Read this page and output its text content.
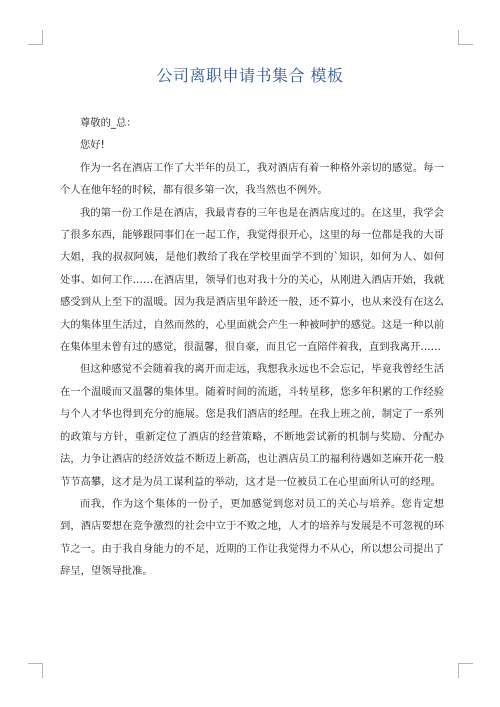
公司离职申请书集合 模板

尊敬的_总：

您好!

作为一名在酒店工作了大半年的员工，我对酒店有着一种格外亲切的感觉。每一个人在他年轻的时候，都有很多第一次，我当然也不例外。

我的第一份工作是在酒店，我最青春的三年也是在酒店度过的。在这里，我学会了很多东西，能够跟同事们在一起工作，我觉得很开心，这里的每一位都是我的大哥大姐，我的叔叔阿姨，是他们教给了我在学校里面学不到的`知识，如何为人、如何处事、如何工作……在酒店里，领导们也对我十分的关心，从刚进入酒店开始，我就感受到从上至下的温暖。因为我是酒店里年龄还一般，还不算小，也从来没有在这么大的集体里生活过，自然而然的，心里面就会产生一种被呵护的感觉。这是一种以前在集体里未曾有过的感觉，很温馨，很自豪，而且它一直陪伴着我，直到我离开……

但这种感觉不会随着我的离开而走远，我想我永远也不会忘记，毕竟我曾经生活在一个温暖而又温馨的集体里。随着时间的流逝，斗转星移，您多年积累的工作经验与个人才华也得到充分的施展。您是我们酒店的经理。在我上班之前，制定了一系列的政策与方针，重新定位了酒店的经营策略，不断地尝试新的机制与奖励、分配办法，力争让酒店的经济效益不断迈上新高，也让酒店员工的福利待遇如芝麻开花一般节节高攀，这才是为员工谋利益的举动，这才是一位被员工在心里面所认可的经理。

而我，作为这个集体的一份子，更加感觉到您对员工的关心与培养。您肯定想到，酒店要想在竞争激烈的社会中立于不败之地，人才的培养与发展是不可忽视的环节之一。由于我自身能力的不足，近期的工作让我觉得力不从心，所以想公司提出了辞呈，望领导批准。
